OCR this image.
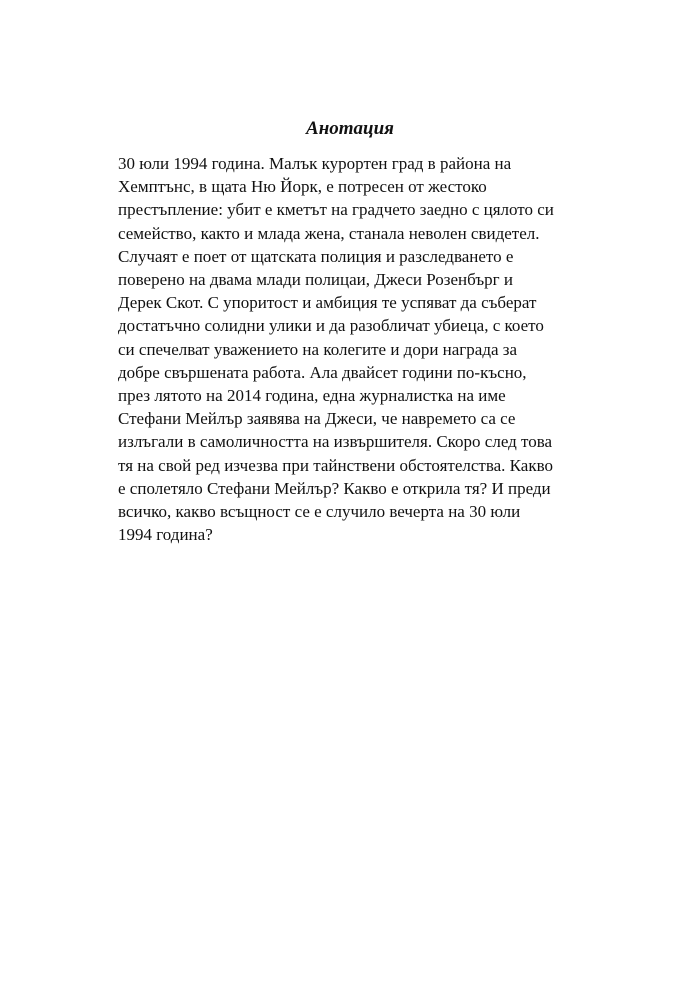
Анотация
30 юли 1994 година. Малък курортен град в района на
Хемптънс, в щата Ню Йорк, е потресен от жестоко
престъпление: убит е кметът на градчето заедно с цялото си
семейство, както и млада жена, станала неволен свидетел.
Случаят е поет от щатската полиция и разследването е
поверено на двама млади полицаи, Джеси Розенбърг и
Дерек Скот. С упоритост и амбиция те успяват да съберат
достатъчно солидни улики и да разобличат убиеца, с което
си спечелват уважението на колегите и дори награда за
добре свършената работа. Ала двайсет години по-късно,
през лятото на 2014 година, една журналистка на име
Стефани Мейлър заявява на Джеси, че навремето са се
излъгали в самоличността на извършителя. Скоро след това
тя на свой ред изчезва при тайнствени обстоятелства. Какво
е сполетяло Стефани Мейлър? Какво е открила тя? И преди
всичко, какво всъщност се е случило вечерта на 30 юли
1994 година?
